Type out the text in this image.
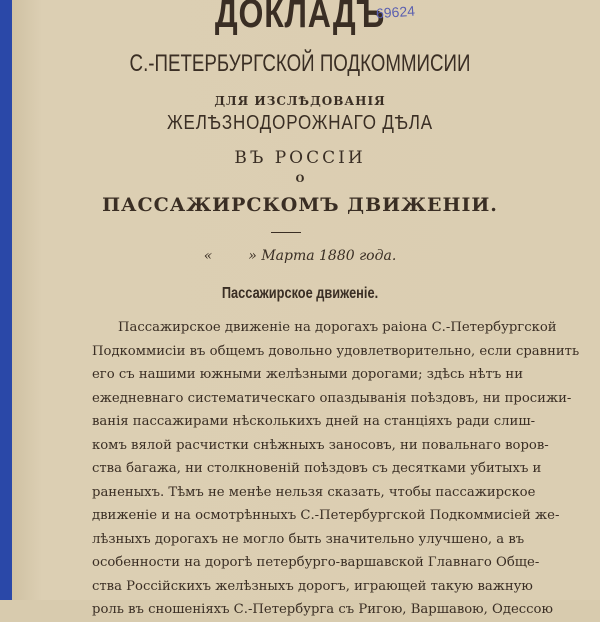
ДОКЛАДЪ
69624
С.-ПЕТЕРБУРГСКОЙ ПОДКОММИСИИ
ДЛЯ ИЗСЛѢДОВАНІЯ
ЖЕЛѢЗНОДОРОЖНАГО ДѢЛА
ВЪ РОССІИ
О
ПАССАЖИРСКОМЪ ДВИЖЕНІИ.
«	» Марта 1880 года.
Пассажирское движеніе.
Пассажирское движеніе на дорогахъ раіона С.-Петербургской
Подкоммисіи въ общемъ довольно удовлетворительно, если сравнить
его съ нашими южными желѣзными дорогами; здѣсь нѣтъ ни
ежедневнаго систематическаго опаздыванія поѣздовъ, ни просижи-
ванія пассажирами нѣсколькихъ дней на станціяхъ ради слиш-
комъ вялой расчистки снѣжныхъ заносовъ, ни повальнаго воров-
ства багажа, ни столкновеній поѣздовъ съ десятками убитыхъ и
раненыхъ. Тѣмъ не менѣе нельзя сказать, чтобы пассажирское
движеніе и на осмотрѣнныхъ С.-Петербургской Подкоммисіей же-
лѣзныхъ дорогахъ не могло быть значительно улучшено, а въ
особенности на дорогѣ петербурго-варшавской Главнаго Обще-
ства Россійскихъ желѣзныхъ дорогъ, играющей такую важную
роль въ сношеніяхъ С.-Петербурга съ Ригою, Варшавою, Одессою
